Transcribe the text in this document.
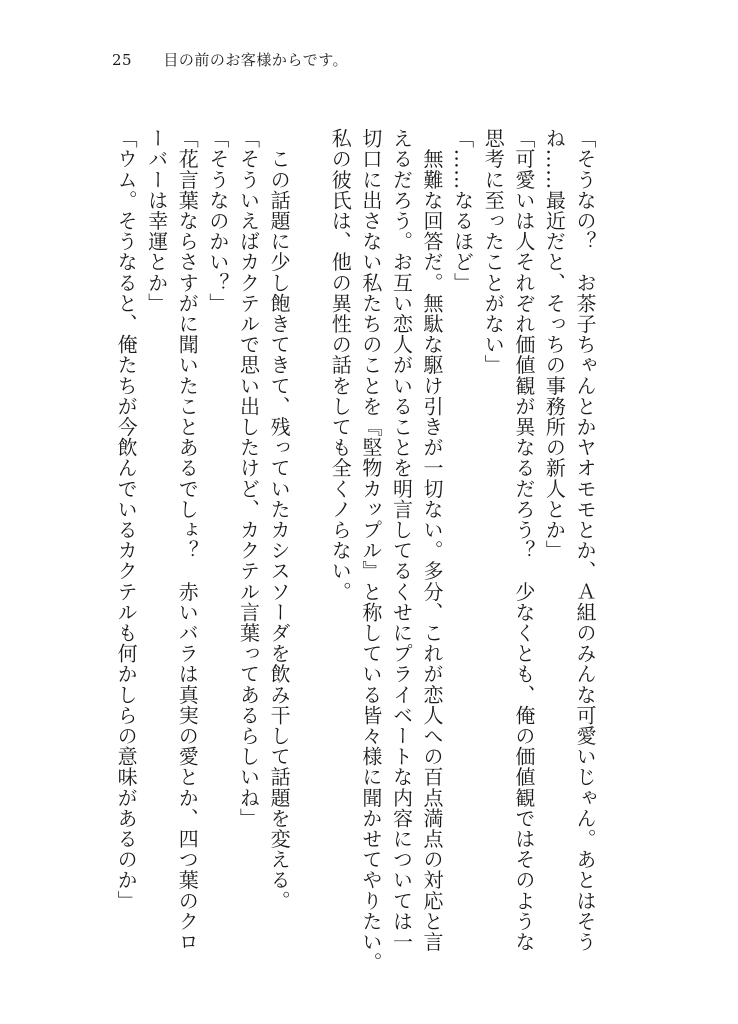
25 目の前のお客様からです。

「そうなの？　お茶子ちゃんとかヤオモモとか、Ａ組のみんな可愛いじゃん。あとはそう

ね……最近だと、そっちの事務所の新人とか」

「可愛いは人それぞれ価値観が異なるだろう？　少なくとも、俺の価値観ではそのような

思考に至ったことがない」

「……なるほど」

　無難な回答だ。無駄な駆け引きが一切ない。多分、これが恋人への百点満点の対応と言

えるだろう。お互い恋人がいることを明言してるくせにプライベートな内容については一

切口に出さない私たちのことを『堅物カップル』と称している皆々様に聞かせてやりたい。

私の彼氏は、他の異性の話をしても全くノらない。

　この話題に少し飽きてきて、残っていたカシスソーダを飲み干して話題を変える。

「そういえばカクテルで思い出したけど、カクテル言葉ってあるらしいね」

「そうなのかい？」

「花言葉ならさすがに聞いたことあるでしょ？　赤いバラは真実の愛とか、四つ葉のクロ

ーバーは幸運とか」

「ウム。そうなると、俺たちが今飲んでいるカクテルも何かしらの意味があるのか」
